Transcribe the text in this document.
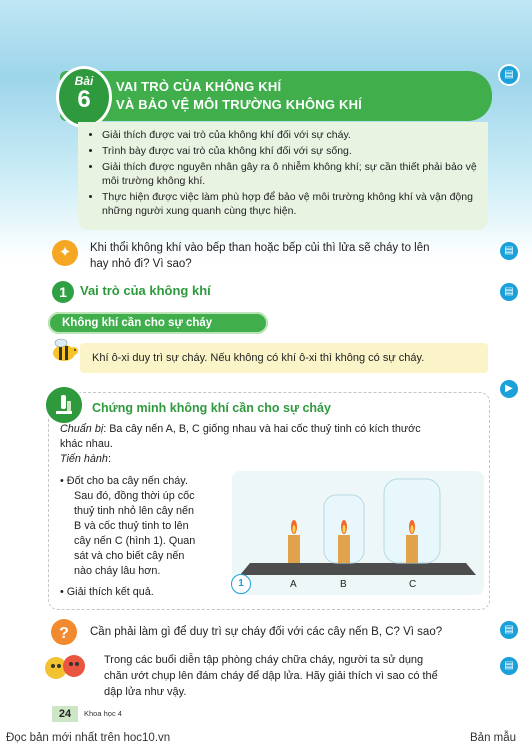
▤
▤
▤
▶
▤
▤
Bài
6	VAI TRÒ CỦA KHÔNG KHÍ
VÀ BẢO VỆ MÔI TRƯỜNG KHÔNG KHÍ
• Giải thích được vai trò của không khí đối với sự cháy.
• Trình bày được vai trò của không khí đối với sự sống.
• Giải thích được nguyên nhân gây ra ô nhiễm không khí; sự cần thiết phải bảo vệ môi trường không khí.
• Thực hiện được việc làm phù hợp để bảo vệ môi trường không khí và vận động những người xung quanh cùng thực hiện.
✦	Khi thổi không khí vào bếp than hoặc bếp củi thì lửa sẽ cháy to lên
hay nhỏ đi? Vì sao?
1	Vai trò của không khí
Không khí cần cho sự cháy
Khí ô-xi duy trì sự cháy. Nếu không có khí ô-xi thì không có sự cháy.
Chứng minh không khí cần cho sự cháy
Chuẩn bị: Ba cây nến A, B, C giống nhau và hai cốc thuỷ tinh có kích thước
khác nhau.
Tiến hành:
• Đốt cho ba cây nến cháy.
Sau đó, đồng thời úp cốc
thuỷ tinh nhỏ lên cây nến
B và cốc thuỷ tinh to lên
cây nến C (hình 1). Quan
sát và cho biết cây nến
nào cháy lâu hơn.
• Giải thích kết quả.
A	B	C
1
? Cần phải làm gì để duy trì sự cháy đối với các cây nến B, C? Vì sao?
Trong các buổi diễn tập phòng cháy chữa cháy, người ta sử dụng
chăn ướt chụp lên đám cháy để dập lửa. Hãy giải thích vì sao có thể
dập lửa như vậy.
24	Khoa học 4
Đọc bản mới nhất trên hoc10.vn	Bản mẫu
